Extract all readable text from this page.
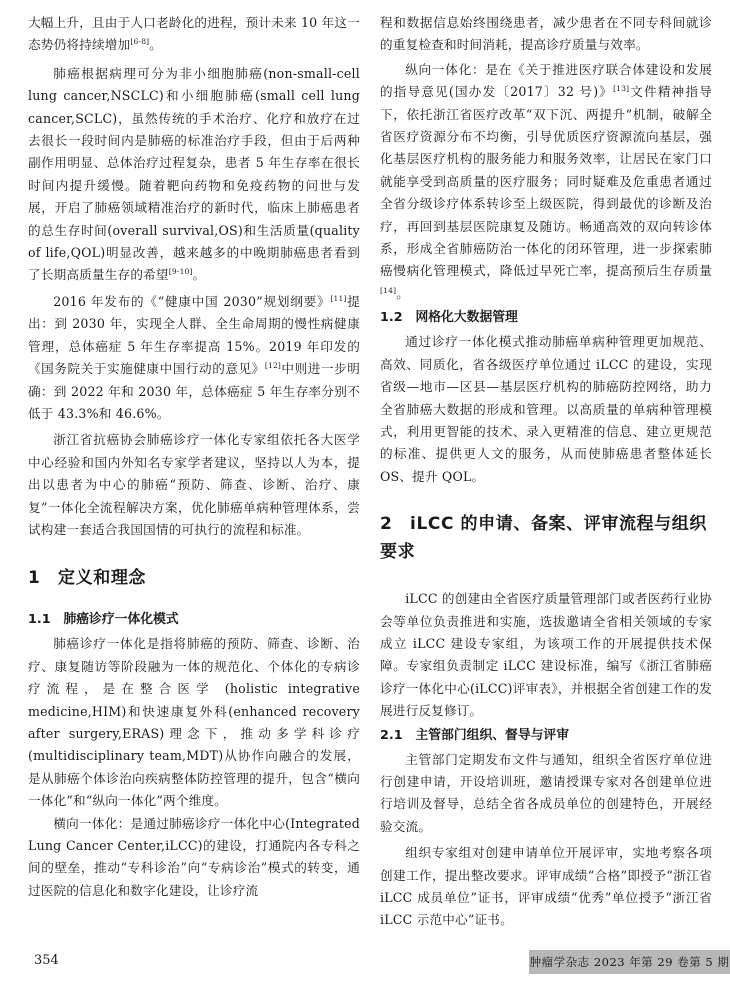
大幅上升，且由于人口老龄化的进程，预计未来 10 年这一态势仍将持续增加[6-8]。

肺癌根据病理可分为非小细胞肺癌(non-small-cell lung cancer,NSCLC)和小细胞肺癌(small cell lung cancer,SCLC)，虽然传统的手术治疗、化疗和放疗在过去很长一段时间内是肺癌的标准治疗手段，但由于后两种副作用明显、总体治疗过程复杂，患者 5 年生存率在很长时间内提升缓慢。随着靶向药物和免疫药物的问世与发展，开启了肺癌领域精准治疗的新时代，临床上肺癌患者的总生存时间(overall survival,OS)和生活质量(quality of life,QOL)明显改善，越来越多的中晚期肺癌患者看到了长期高质量生存的希望[9-10]。

2016 年发布的《“健康中国 2030”规划纲要》[11]提出：到 2030 年，实现全人群、全生命周期的慢性病健康管理，总体癌症 5 年生存率提高 15%。2019 年印发的《国务院关于实施健康中国行动的意见》[12]中则进一步明确：到 2022 年和 2030 年，总体癌症 5 年生存率分别不低于 43.3%和 46.6%。

浙江省抗癌协会肺癌诊疗一体化专家组依托各大医学中心经验和国内外知名专家学者建议，坚持以人为本，提出以患者为中心的肺癌“预防、筛查、诊断、治疗、康复”一体化全流程解决方案，优化肺癌单病种管理体系，尝试构建一套适合我国国情的可执行的流程和标准。

1　定义和理念
1.1　肺癌诊疗一体化模式

肺癌诊疗一体化是指将肺癌的预防、筛查、诊断、治疗、康复随访等阶段融为一体的规范化、个体化的专病诊疗流程，是在整合医学 (holistic integrative medicine,HIM)和快速康复外科(enhanced recovery after surgery,ERAS)理念下，推动多学科诊疗(multidisciplinary team,MDT)从协作向融合的发展，是从肺癌个体诊治向疾病整体防控管理的提升，包含“横向一体化”和“纵向一体化”两个维度。

横向一体化：是通过肺癌诊疗一体化中心(Integrated Lung Cancer Center,iLCC)的建设，打通院内各专科之间的壁垒，推动“专科诊治”向“专病诊治”模式的转变，通过医院的信息化和数字化建设，让诊疗流

程和数据信息始终围绕患者，减少患者在不同专科间就诊的重复检查和时间消耗，提高诊疗质量与效率。

纵向一体化：是在《关于推进医疗联合体建设和发展的指导意见(国办发〔2017〕32 号)》[13]文件精神指导下，依托浙江省医疗改革“双下沉、两提升”机制，破解全省医疗资源分布不均衡，引导优质医疗资源流向基层，强化基层医疗机构的服务能力和服务效率，让居民在家门口就能享受到高质量的医疗服务；同时疑难及危重患者通过全省分级诊疗体系转诊至上级医院，得到最优的诊断及治疗，再回到基层医院康复及随访。畅通高效的双向转诊体系，形成全省肺癌防治一体化的闭环管理，进一步探索肺癌慢病化管理模式，降低过早死亡率，提高预后生存质量[14]。

1.2　网格化大数据管理

通过诊疗一体化模式推动肺癌单病种管理更加规范、高效、同质化，省各级医疗单位通过 iLCC 的建设，实现省级—地市—区县—基层医疗机构的肺癌防控网络，助力全省肺癌大数据的形成和管理。以高质量的单病种管理模式，利用更智能的技术、录入更精准的信息、建立更规范的标准、提供更人文的服务，从而使肺癌患者整体延长 OS、提升 QOL。

2　iLCC 的申请、备案、评审流程与组织要求

iLCC 的创建由全省医疗质量管理部门或者医药行业协会等单位负责推进和实施，选拔邀请全省相关领域的专家成立 iLCC 建设专家组，为该项工作的开展提供技术保障。专家组负责制定 iLCC 建设标准，编写《浙江省肺癌诊疗一体化中心(iLCC)评审表》，并根据全省创建工作的发展进行反复修订。

2.1　主管部门组织、督导与评审

主管部门定期发布文件与通知，组织全省医疗单位进行创建申请，开设培训班，邀请授课专家对各创建单位进行培训及督导，总结全省各成员单位的创建特色，开展经验交流。

组织专家组对创建申请单位开展评审，实地考察各项创建工作，提出整改要求。评审成绩“合格”即授予“浙江省 iLCC 成员单位”证书，评审成绩“优秀”单位授予“浙江省 iLCC 示范中心”证书。

354	肿瘤学杂志 2023 年第 29 卷第 5 期
